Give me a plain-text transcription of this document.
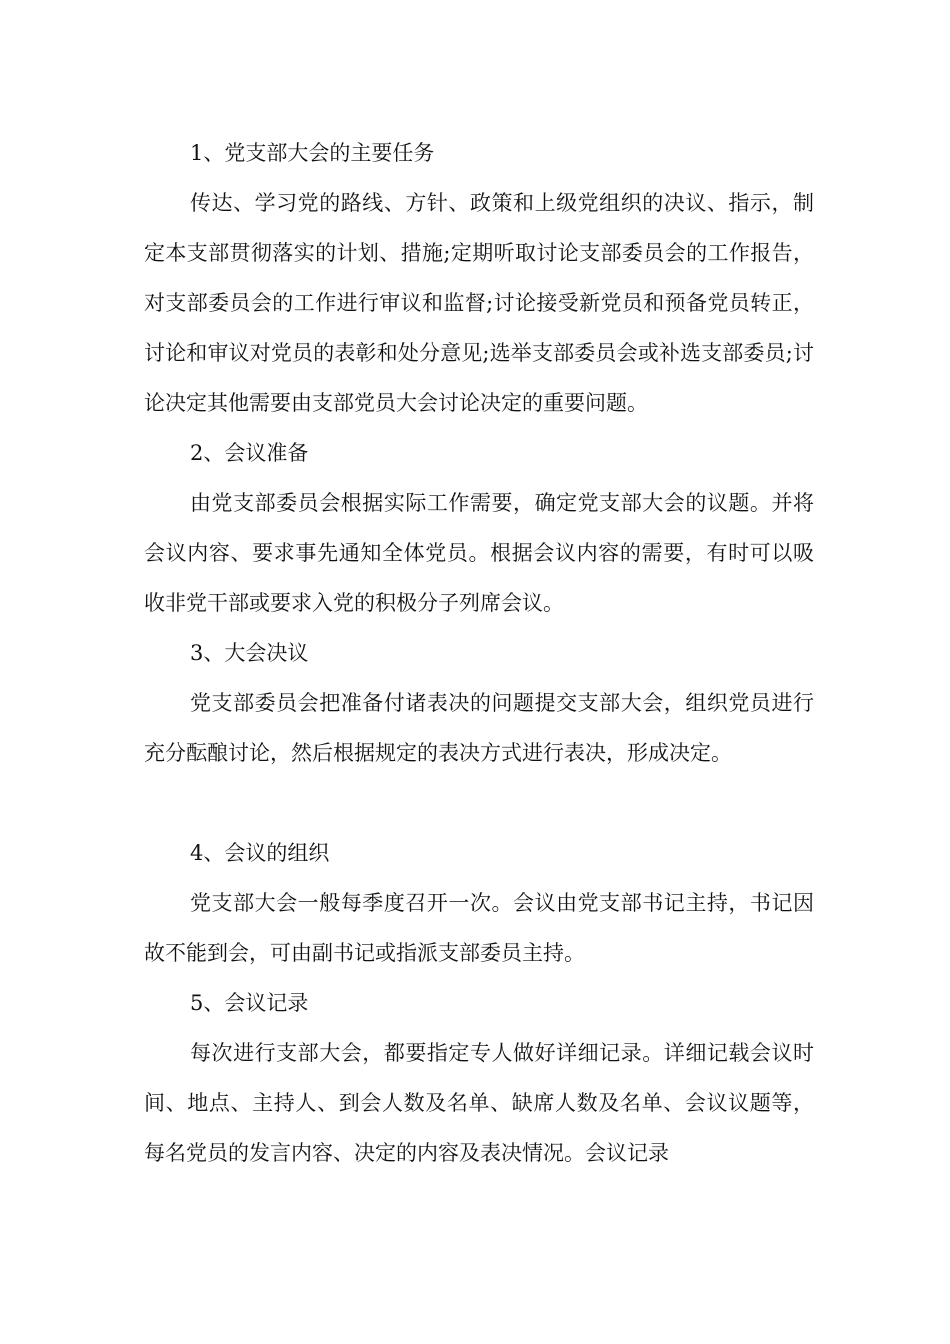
1、党支部大会的主要任务

传达、学习党的路线、方针、政策和上级党组织的决议、指示，制定本支部贯彻落实的计划、措施;定期听取讨论支部委员会的工作报告，对支部委员会的工作进行审议和监督;讨论接受新党员和预备党员转正，讨论和审议对党员的表彰和处分意见;选举支部委员会或补选支部委员;讨论决定其他需要由支部党员大会讨论决定的重要问题。

2、会议准备

由党支部委员会根据实际工作需要，确定党支部大会的议题。并将会议内容、要求事先通知全体党员。根据会议内容的需要，有时可以吸收非党干部或要求入党的积极分子列席会议。

3、大会决议

党支部委员会把准备付诸表决的问题提交支部大会，组织党员进行充分酝酿讨论，然后根据规定的表决方式进行表决，形成决定。

4、会议的组织

党支部大会一般每季度召开一次。会议由党支部书记主持，书记因故不能到会，可由副书记或指派支部委员主持。

5、会议记录

每次进行支部大会，都要指定专人做好详细记录。详细记载会议时间、地点、主持人、到会人数及名单、缺席人数及名单、会议议题等，每名党员的发言内容、决定的内容及表决情况。会议记录
